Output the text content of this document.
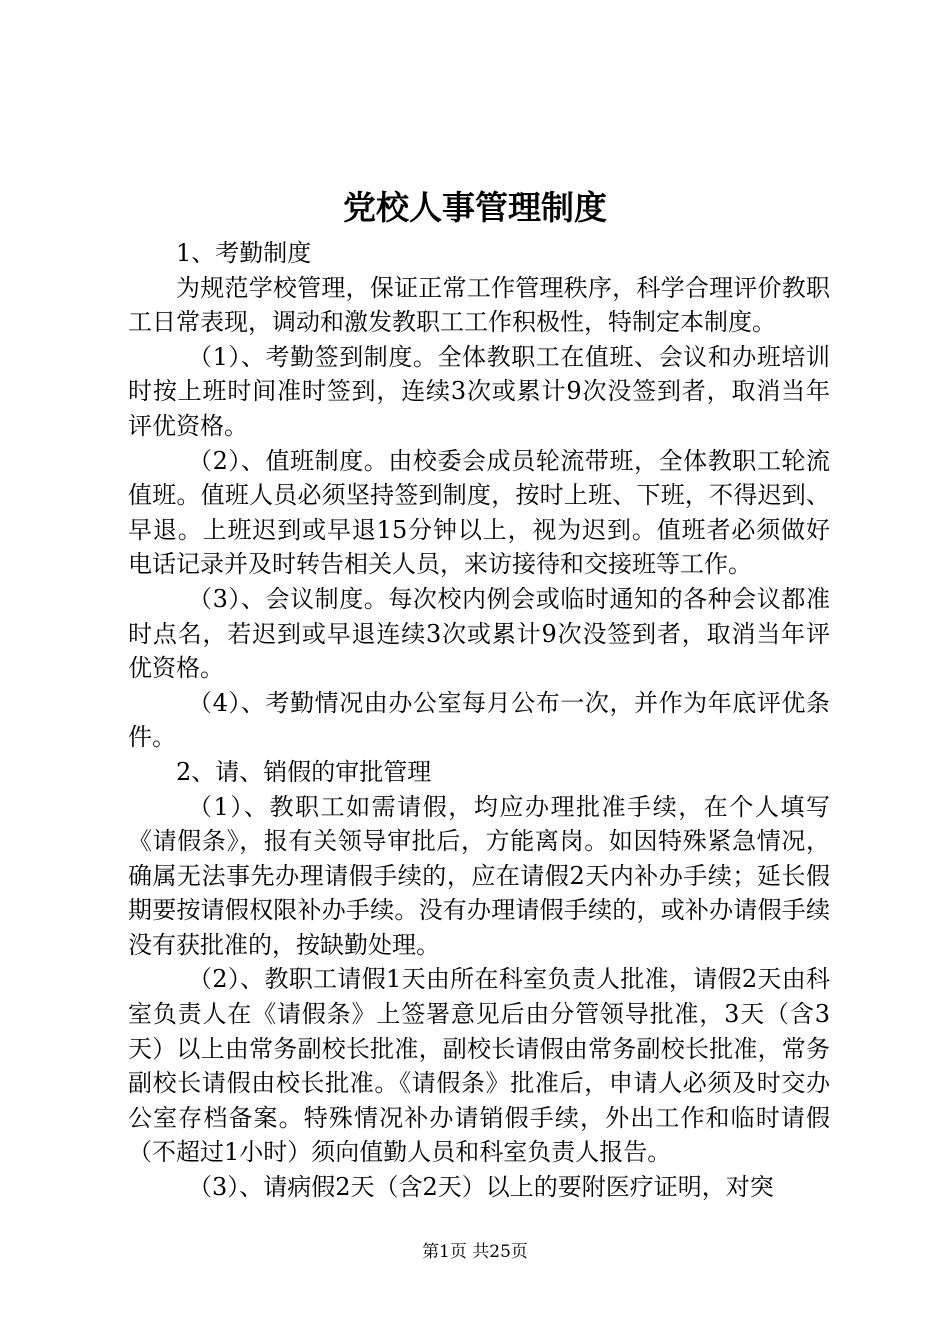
党校人事管理制度

1、考勤制度

为规范学校管理，保证正常工作管理秩序，科学合理评价教职工日常表现，调动和激发教职工工作积极性，特制定本制度。

（1）、考勤签到制度。全体教职工在值班、会议和办班培训时按上班时间准时签到，连续3次或累计9次没签到者，取消当年评优资格。

（2）、值班制度。由校委会成员轮流带班，全体教职工轮流值班。值班人员必须坚持签到制度，按时上班、下班，不得迟到、早退。上班迟到或早退15分钟以上，视为迟到。值班者必须做好电话记录并及时转告相关人员，来访接待和交接班等工作。

（3）、会议制度。每次校内例会或临时通知的各种会议都准时点名，若迟到或早退连续3次或累计9次没签到者，取消当年评优资格。

（4）、考勤情况由办公室每月公布一次，并作为年底评优条件。

2、请、销假的审批管理

（1）、教职工如需请假，均应办理批准手续，在个人填写《请假条》，报有关领导审批后，方能离岗。如因特殊紧急情况，确属无法事先办理请假手续的，应在请假2天内补办手续；延长假期要按请假权限补办手续。没有办理请假手续的，或补办请假手续没有获批准的，按缺勤处理。

（2）、教职工请假1天由所在科室负责人批准，请假2天由科室负责人在《请假条》上签署意见后由分管领导批准，3天（含3天）以上由常务副校长批准，副校长请假由常务副校长批准，常务副校长请假由校长批准。《请假条》批准后，申请人必须及时交办公室存档备案。特殊情况补办请销假手续，外出工作和临时请假（不超过1小时）须向值勤人员和科室负责人报告。

（3）、请病假2天（含2天）以上的要附医疗证明，对突

第1页 共25页
